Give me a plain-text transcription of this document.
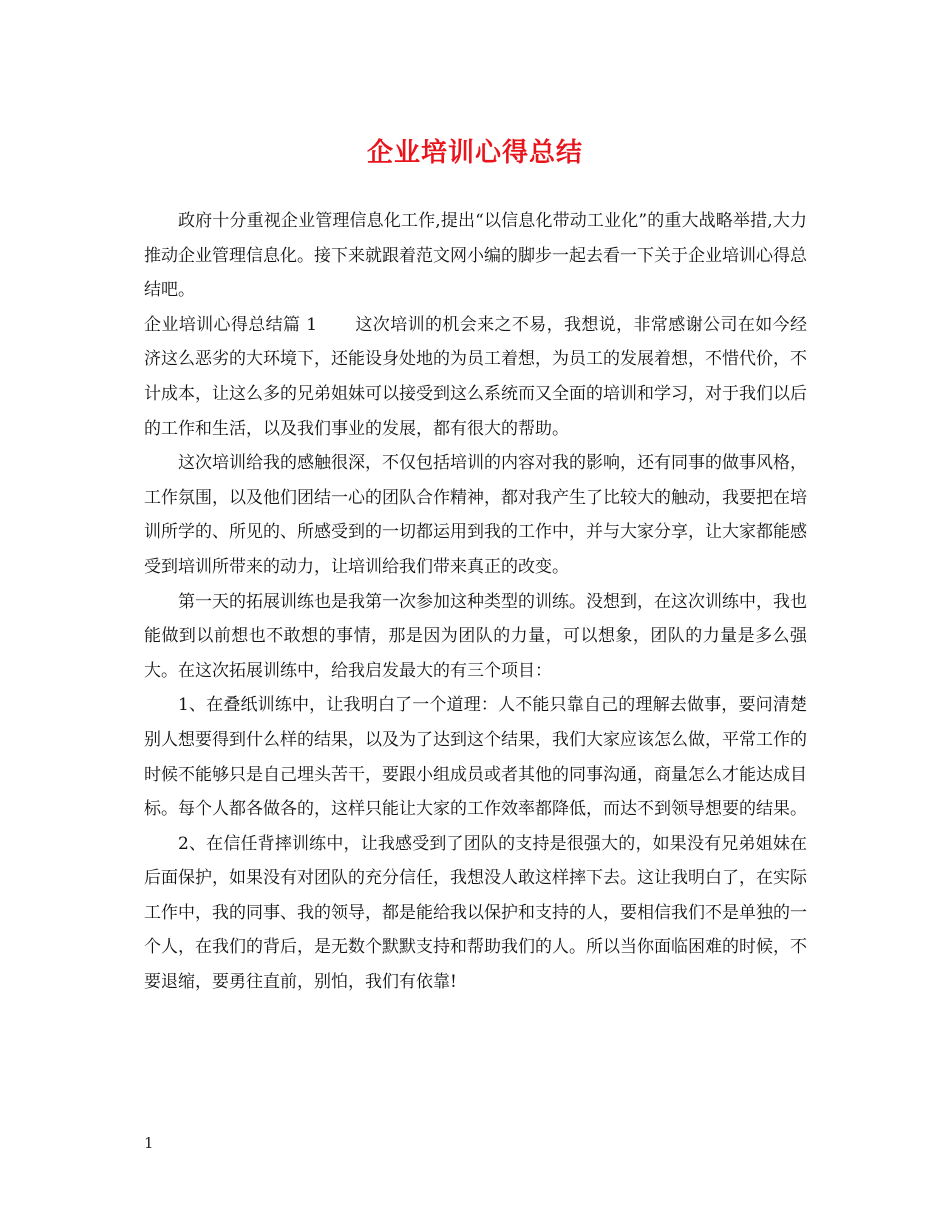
企业培训心得总结

政府十分重视企业管理信息化工作,提出“以信息化带动工业化”的重大战略举措,大力推动企业管理信息化。接下来就跟着范文网小编的脚步一起去看一下关于企业培训心得总结吧。

企业培训心得总结篇 1 这次培训的机会来之不易，我想说，非常感谢公司在如今经济这么恶劣的大环境下，还能设身处地的为员工着想，为员工的发展着想，不惜代价，不计成本，让这么多的兄弟姐妹可以接受到这么系统而又全面的培训和学习，对于我们以后的工作和生活，以及我们事业的发展，都有很大的帮助。

这次培训给我的感触很深，不仅包括培训的内容对我的影响，还有同事的做事风格，工作氛围，以及他们团结一心的团队合作精神，都对我产生了比较大的触动，我要把在培训所学的、所见的、所感受到的一切都运用到我的工作中，并与大家分享，让大家都能感受到培训所带来的动力，让培训给我们带来真正的改变。

第一天的拓展训练也是我第一次参加这种类型的训练。没想到，在这次训练中，我也能做到以前想也不敢想的事情，那是因为团队的力量，可以想象，团队的力量是多么强大。在这次拓展训练中，给我启发最大的有三个项目：

1、在叠纸训练中，让我明白了一个道理：人不能只靠自己的理解去做事，要问清楚别人想要得到什么样的结果，以及为了达到这个结果，我们大家应该怎么做，平常工作的时候不能够只是自己埋头苦干，要跟小组成员或者其他的同事沟通，商量怎么才能达成目标。每个人都各做各的，这样只能让大家的工作效率都降低，而达不到领导想要的结果。

2、在信任背摔训练中，让我感受到了团队的支持是很强大的，如果没有兄弟姐妹在后面保护，如果没有对团队的充分信任，我想没人敢这样摔下去。这让我明白了，在实际工作中，我的同事、我的领导，都是能给我以保护和支持的人，要相信我们不是单独的一个人，在我们的背后，是无数个默默支持和帮助我们的人。所以当你面临困难的时候，不要退缩，要勇往直前，别怕，我们有依靠!

1
